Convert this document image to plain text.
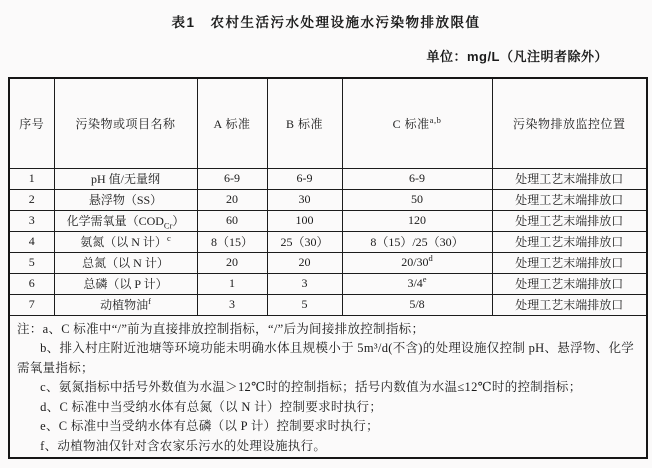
表1　农村生活污水处理设施水污染物排放限值
单位：mg/L（凡注明者除外）
序号	污染物或项目名称	A 标准	B 标准	C 标准$^{a,b}$	污染物排放监控位置
1	pH 值/无量纲	6-9	6-9	6-9	处理工艺末端排放口
2	悬浮物（SS）	20	30	50	处理工艺末端排放口
3	化学需氧量$(COD_{Cr})$	60	100	120	处理工艺末端排放口
4	氨氮（以 N 计）$^c$	8（15）	25（30）	8（15）/25（30）	处理工艺末端排放口
5	总氮（以 N 计）	20	20	20/30$^d$	处理工艺末端排放口
6	总磷（以 P 计）	1	3	3/4e	处理工艺末端排放口
7	动植物油$^f$	3	5	5/8	处理工艺末端排放口

注：a、C 标准中“/”前为直接排放控制指标，“/”后为间接排放控制指标；

b、排入村庄附近池塘等环境功能未明确水体且规模小于 5m³/d(不含)的处理设施仅控制 pH、悬浮物、化学需氧量指标；

c、氨氮指标中括号外数值为水温＞12℃时的控制指标；括号内数值为水温≤12℃时的控制指标；

d、C 标准中当受纳水体有总氮（以 N 计）控制要求时执行；

e、C 标准中当受纳水体有总磷（以 P 计）控制要求时执行；

f、动植物油仅针对含农家乐污水的处理设施执行。
